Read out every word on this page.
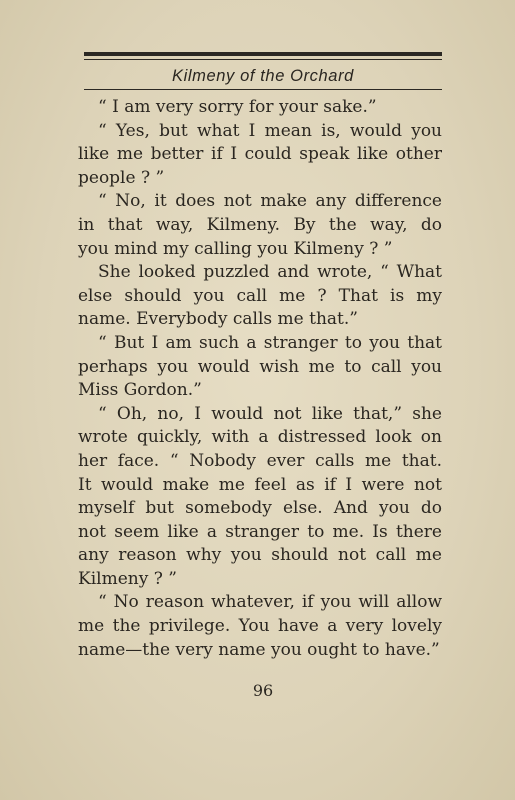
Kilmeny of the Orchard
“ I am very sorry for your sake.”
“ Yes, but what I mean is, would you
like me better if I could speak like other
people ? ”
“ No, it does not make any difference
in that way, Kilmeny. By the way, do
you mind my calling you Kilmeny ? ”
She looked puzzled and wrote, “ What
else should you call me ? That is my
name. Everybody calls me that.”
“ But I am such a stranger to you that
perhaps you would wish me to call you
Miss Gordon.”
“ Oh, no, I would not like that,” she
wrote quickly, with a distressed look on
her face. “ Nobody ever calls me that.
It would make me feel as if I were not
myself but somebody else. And you do
not seem like a stranger to me. Is there
any reason why you should not call me
Kilmeny ? ”
“ No reason whatever, if you will allow
me the privilege. You have a very lovely
name—the very name you ought to have.”
96
